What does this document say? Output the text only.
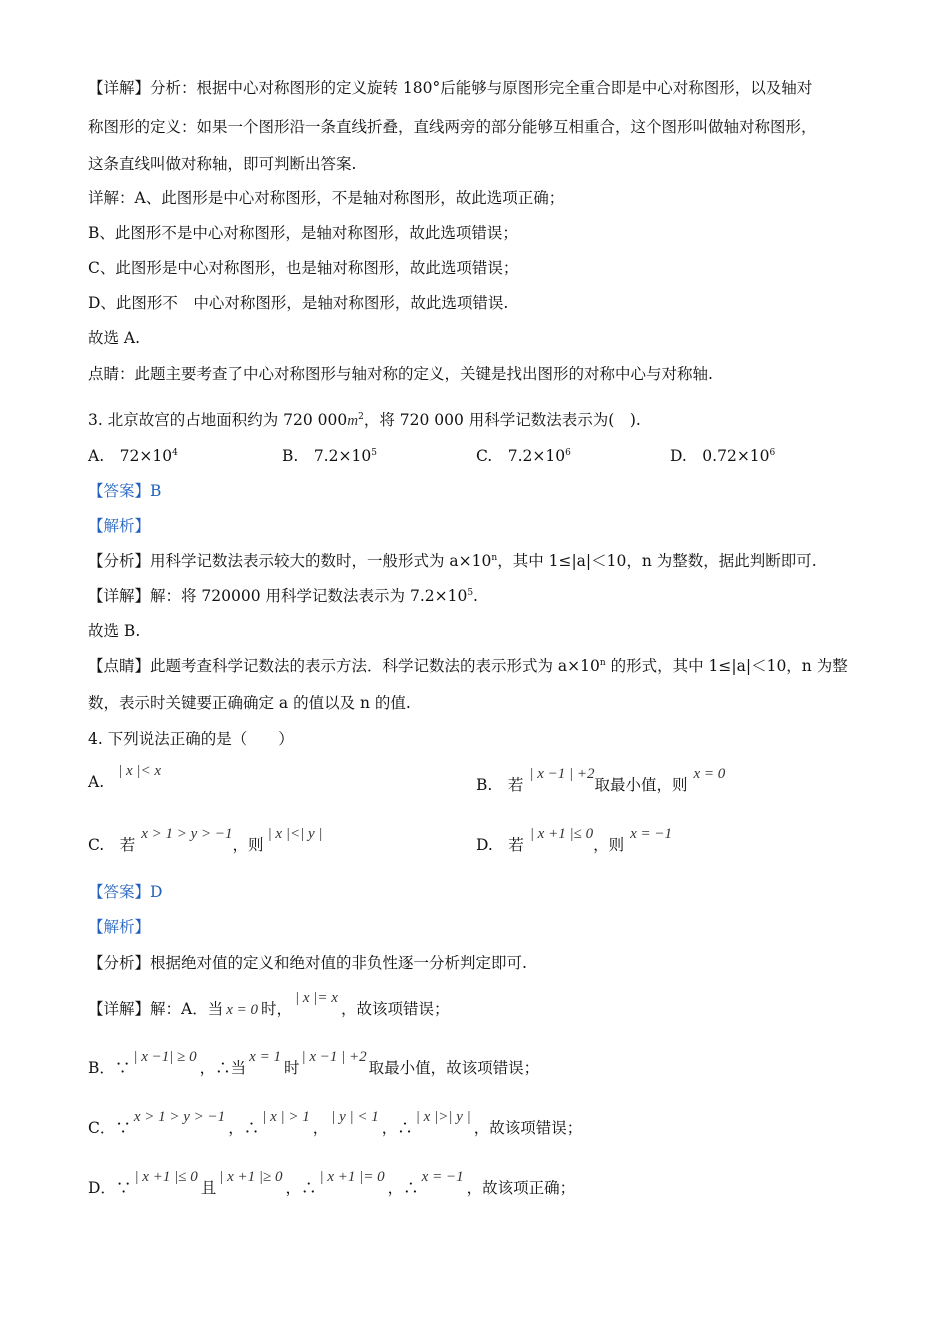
【详解】分析：根据中心对称图形的定义旋转 180°后能够与原图形完全重合即是中心对称图形，以及轴对
称图形的定义：如果一个图形沿一条直线折叠，直线两旁的部分能够互相重合，这个图形叫做轴对称图形，
这条直线叫做对称轴，即可判断出答案.
详解：A、此图形是中心对称图形，不是轴对称图形，故此选项正确；
B、此图形不是中心对称图形，是轴对称图形，故此选项错误；
C、此图形是中心对称图形，也是轴对称图形，故此选项错误；
D、此图形不　中心对称图形，是轴对称图形，故此选项错误.
故选 A.
点睛：此题主要考查了中心对称图形与轴对称的定义，关键是找出图形的对称中心与对称轴.
3. 北京故宫的占地面积约为 720 $000m^2$，将 720 000 用科学记数法表示为(　).
A.　$72\times 10^4$	B.　$7.2\times 10^5$	C.　$7.2\times 10^6$	D.　$0.72\times 10^6$
【答案】B
【解析】
【分析】用科学记数法表示较大的数时，一般形式为 $a\times 10^n$，其中 1≤|a|＜10，n 为整数，据此判断即可.
【详解】解：将 720000 用科学记数法表示为 $7.2\times 10^5$.
故选 B.
【点睛】此题考查科学记数法的表示方法．科学记数法的表示形式为 $a\times 10^n$ 的形式，其中 1≤|a|＜10，n 为整
数，表示时关键要正确确定 a 的值以及 n 的值.
4. 下列说法正确的是（　　）
A.| x |< x
B.　若| x −1 | +2取最小值，则x = 0
C.　若x > 1 > y > −1，则| x |<| y |
D.　若| x +1 |≤ 0，则x = −1
【答案】D
【解析】
【分析】根据绝对值的定义和绝对值的非负性逐一分析判定即可.
【详解】解：A．当 x = 0 时，| x |= x，故该项错误；
B．∵| x −1| ≥ 0，∴当x = 1时| x −1 | +2取最小值，故该项错误；
C．∵x > 1 > y > −1，∴| x | > 1，| y | < 1，∴| x |>| y |，故该项错误；
D．∵| x +1 |≤ 0且| x +1 |≥ 0，∴| x +1 |= 0，∴x = −1，故该项正确；
